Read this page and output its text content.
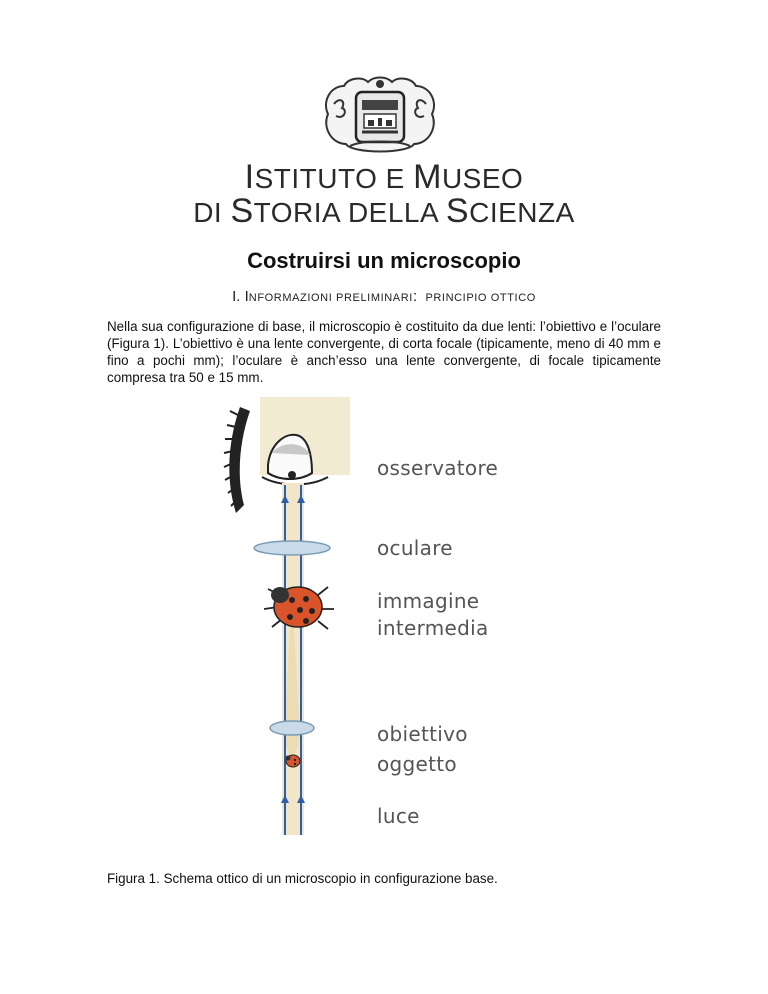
ISTITUTO E MUSEO
DI STORIA DELLA SCIENZA
Costruirsi un microscopio
I. INFORMAZIONI PRELIMINARI: PRINCIPIO OTTICO
Nella sua configurazione di base, il microscopio è costituito da due lenti: l’obiettivo e l’oculare (Figura 1). L’obiettivo è una lente convergente, di corta focale (tipicamente, meno di 40 mm e fino a pochi mm); l’oculare è anch’esso una lente convergente, di focale tipicamente compresa tra 50 e 15 mm.
osservatore
oculare
immagine
intermedia
obiettivo
oggetto
luce
Figura 1. Schema ottico di un microscopio in configurazione base.
